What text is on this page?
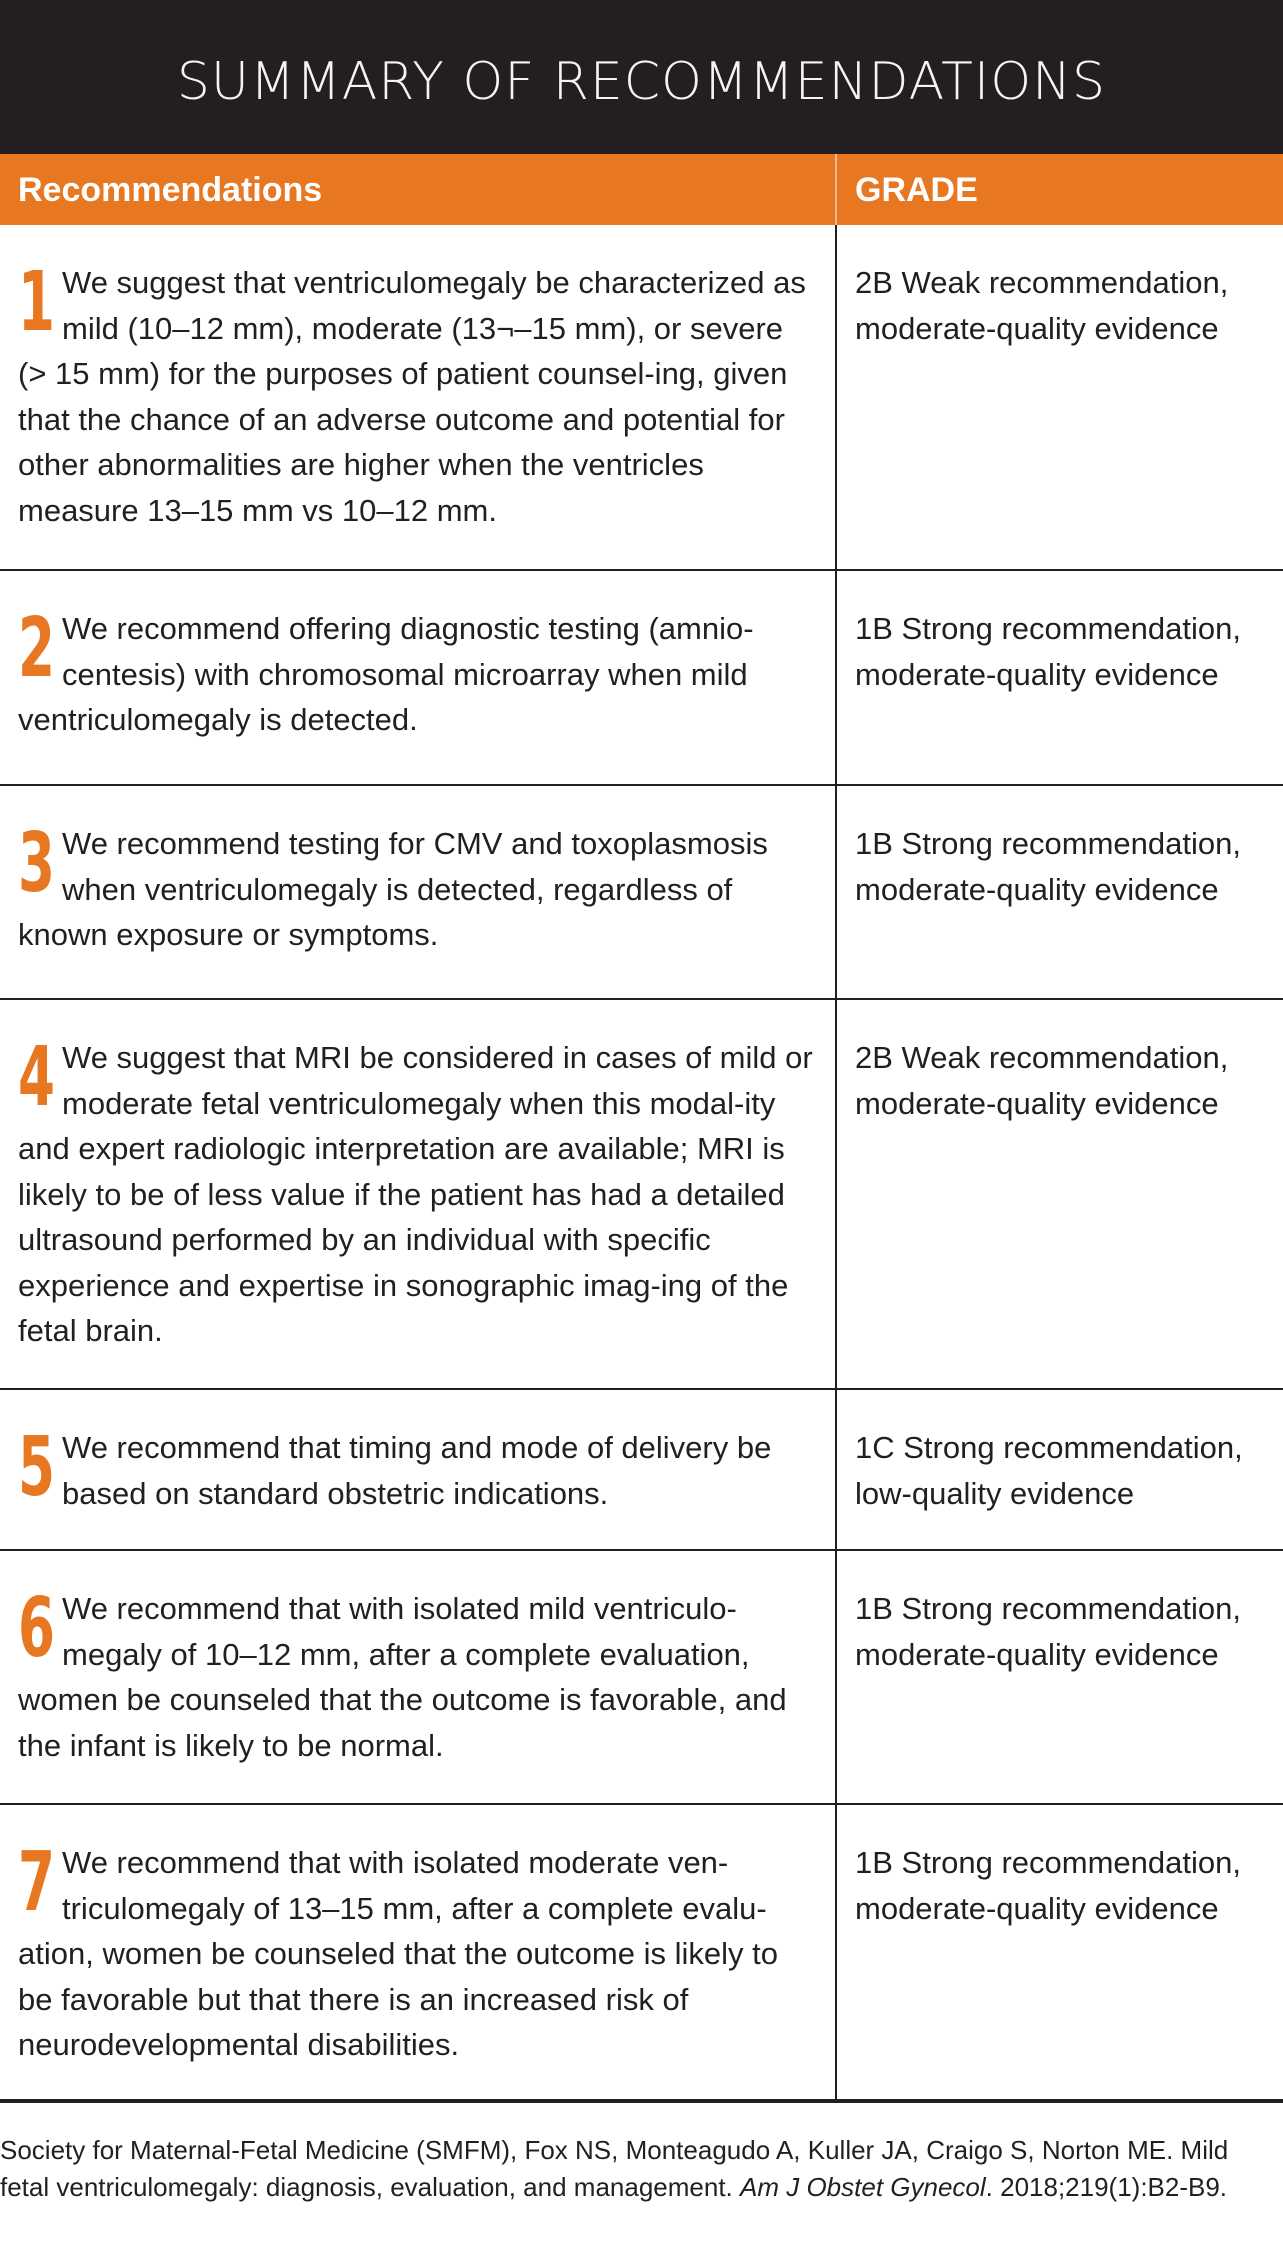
SUMMARY OF RECOMMENDATIONS
Recommendations	GRADE
1 We suggest that ventriculomegaly be characterized as mild (10–12 mm), moderate (13¬–15 mm), or severe (> 15 mm) for the purposes of patient counsel-ing, given that the chance of an adverse outcome and potential for other abnormalities are higher when the ventricles measure 13–15 mm vs 10–12 mm.
2B Weak recommendation, moderate-quality evidence
2 We recommend offering diagnostic testing (amnio-centesis) with chromosomal microarray when mild ventriculomegaly is detected.
1B Strong recommendation, moderate-quality evidence
3 We recommend testing for CMV and toxoplasmosis when ventriculomegaly is detected, regardless of known exposure or symptoms.
1B Strong recommendation, moderate-quality evidence
4 We suggest that MRI be considered in cases of mild or moderate fetal ventriculomegaly when this modal-ity and expert radiologic interpretation are available; MRI is likely to be of less value if the patient has had a detailed ultrasound performed by an individual with specific experience and expertise in sonographic imag-ing of the fetal brain.
2B Weak recommendation, moderate-quality evidence
5 We recommend that timing and mode of delivery be based on standard obstetric indications.
1C Strong recommendation, low-quality evidence
6 We recommend that with isolated mild ventriculo-megaly of 10–12 mm, after a complete evaluation, women be counseled that the outcome is favorable, and the infant is likely to be normal.
1B Strong recommendation, moderate-quality evidence
7 We recommend that with isolated moderate ven-triculomegaly of 13–15 mm, after a complete evalu-ation, women be counseled that the outcome is likely to be favorable but that there is an increased risk of neurodevelopmental disabilities.
1B Strong recommendation, moderate-quality evidence

Society for Maternal-Fetal Medicine (SMFM), Fox NS, Monteagudo A, Kuller JA, Craigo S, Norton ME. Mild fetal ventriculomegaly: diagnosis, evaluation, and management. Am J Obstet Gynecol. 2018;219(1):B2-B9.
